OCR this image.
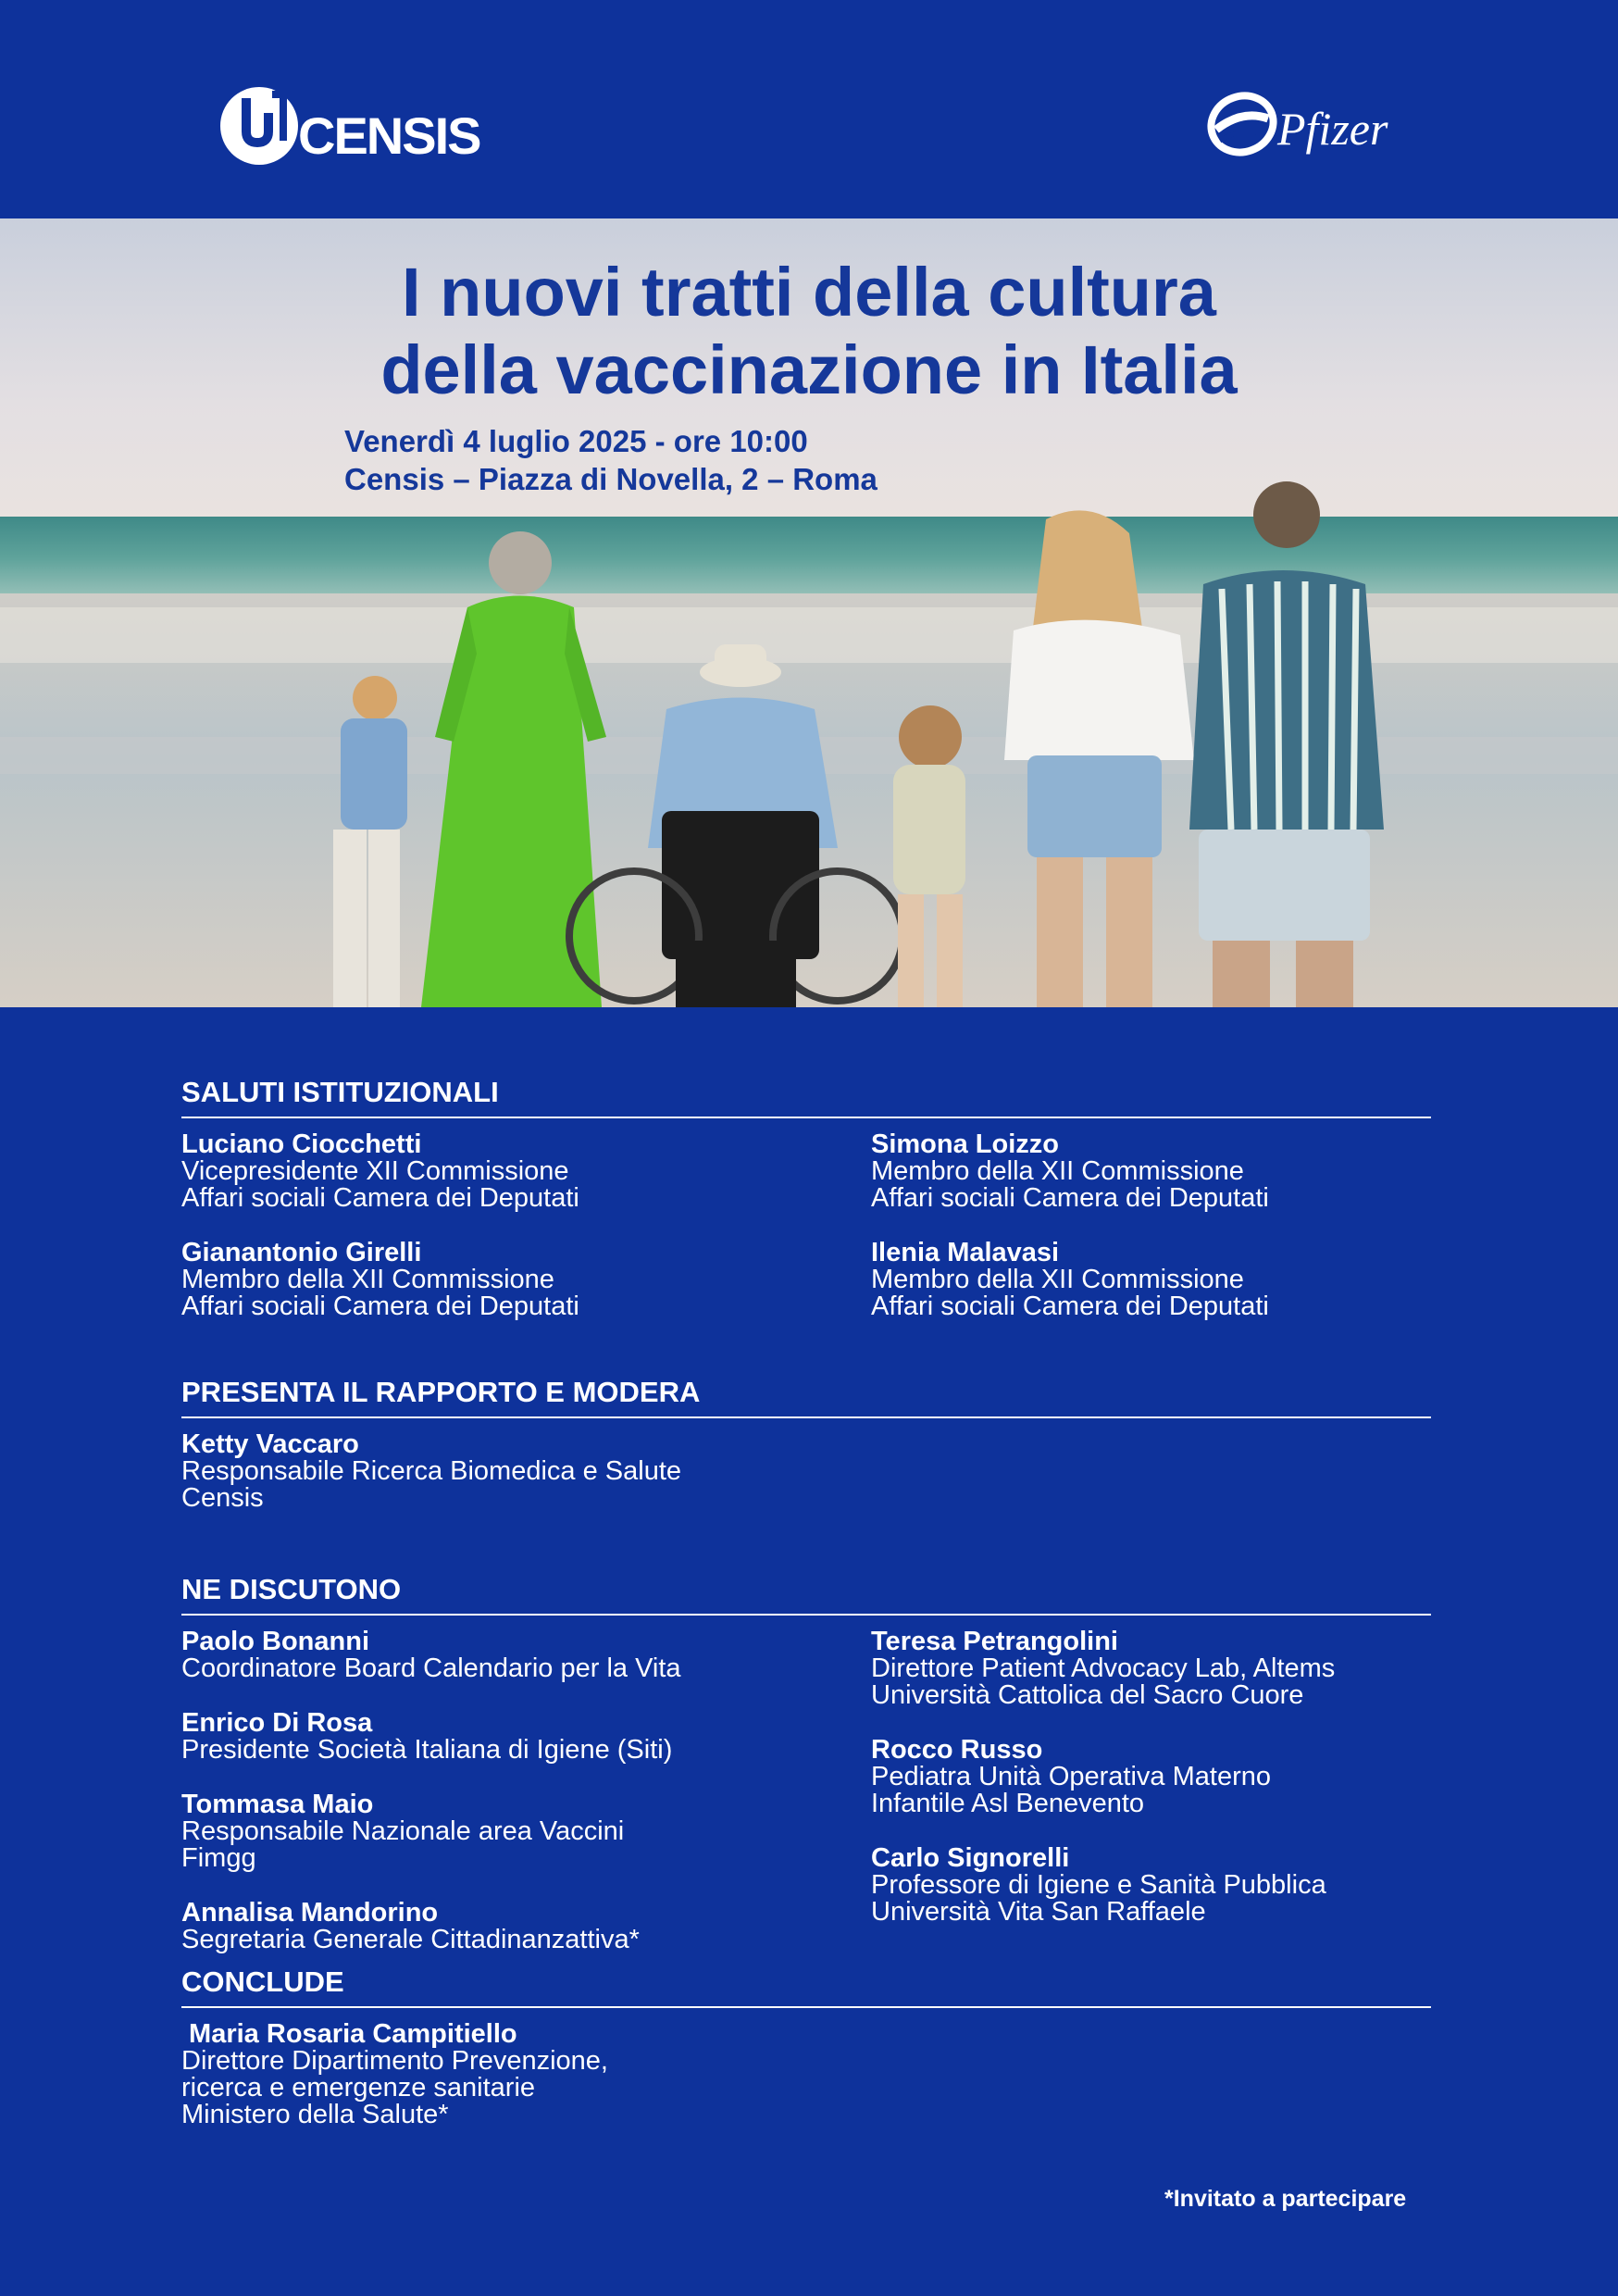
CENSIS	Pfizer
I nuovi tratti della cultura
della vaccinazione in Italia
Venerdì 4 luglio 2025 - ore 10:00
Censis – Piazza di Novella, 2 – Roma
SALUTI ISTITUZIONALI
Luciano Ciocchetti
Vicepresidente XII Commissione
Affari sociali Camera dei Deputati
Gianantonio Girelli
Membro della XII Commissione
Affari sociali Camera dei Deputati
Simona Loizzo
Membro della XII Commissione
Affari sociali Camera dei Deputati
Ilenia Malavasi
Membro della XII Commissione
Affari sociali Camera dei Deputati
PRESENTA IL RAPPORTO E MODERA
Ketty Vaccaro
Responsabile Ricerca Biomedica e Salute
Censis
NE DISCUTONO
Paolo Bonanni
Coordinatore Board Calendario per la Vita
Enrico Di Rosa
Presidente Società Italiana di Igiene (Siti)
Tommasa Maio
Responsabile Nazionale area Vaccini
Fimgg
Annalisa Mandorino
Segretaria Generale Cittadinanzattiva*
Teresa Petrangolini
Direttore Patient Advocacy Lab, Altems
Università Cattolica del Sacro Cuore
Rocco Russo
Pediatra Unità Operativa Materno
Infantile Asl Benevento
Carlo Signorelli
Professore di Igiene e Sanità Pubblica
Università Vita San Raffaele
CONCLUDE
Maria Rosaria Campitiello
Direttore Dipartimento Prevenzione,
ricerca e emergenze sanitarie
Ministero della Salute*
*Invitato a partecipare
